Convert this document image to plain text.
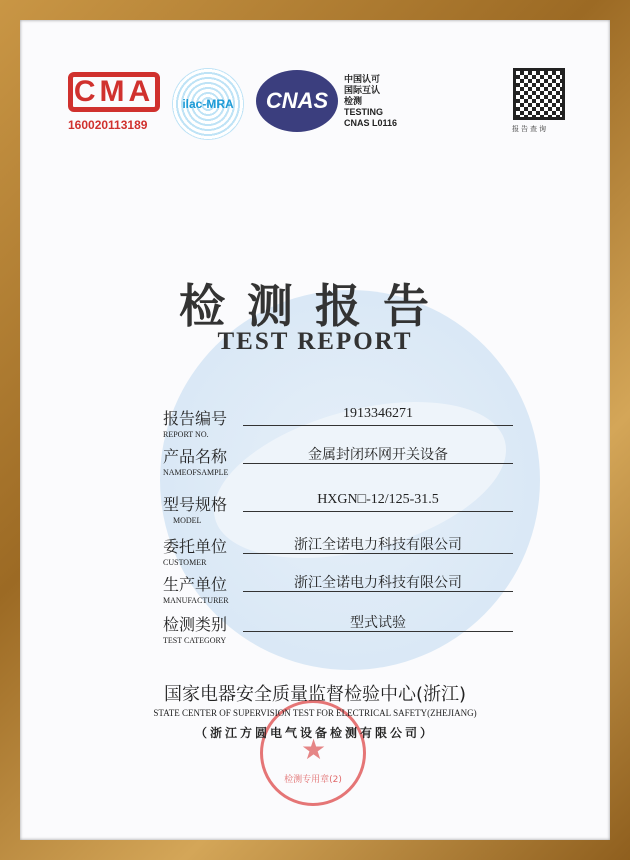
CMA
160020113189
ilac-MRA CNAS
中国认可
国际互认
检测
TESTING
CNAS L0116
报告查询
检测报告
TEST REPORT
报告编号
REPORT NO.
1913346271
产品名称
NAMEOFSAMPLE
金属封闭环网开关设备
型号规格
MODEL
HXGN□-12/125-31.5
委托单位
CUSTOMER
浙江全诺电力科技有限公司
生产单位
MANUFACTURER
浙江全诺电力科技有限公司
检测类别
TEST CATEGORY
型式试验
★
检测专用章(2)
国家电器安全质量监督检验中心(浙江)
STATE CENTER OF SUPERVISION TEST FOR ELECTRICAL SAFETY(ZHEJIANG)
（浙江方圆电气设备检测有限公司）
